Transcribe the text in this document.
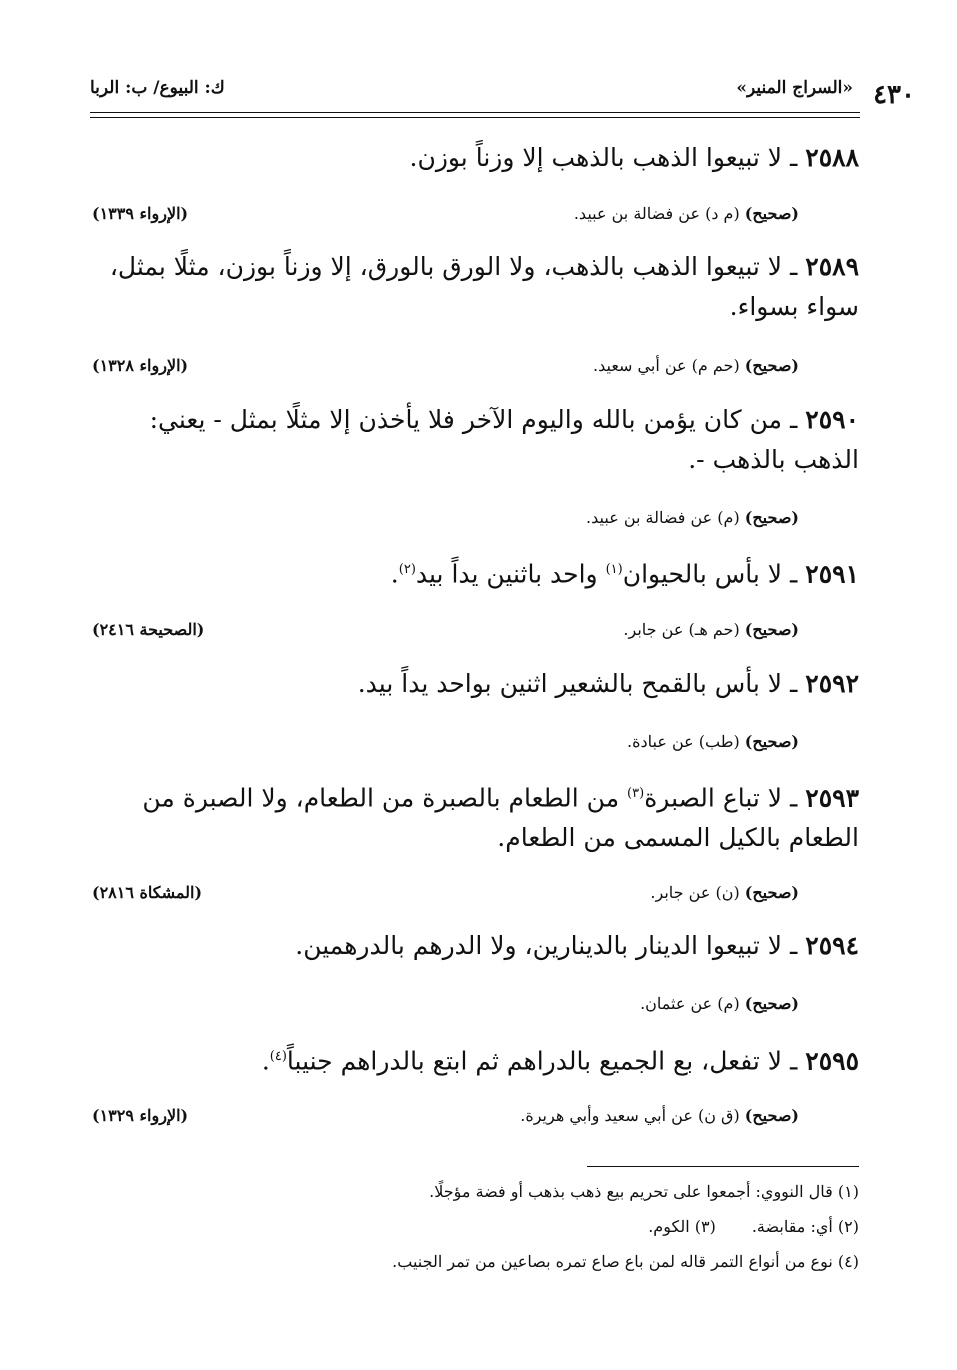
٤٣٠
«السراج المنير»
ك: البيوع/ ب: الربا
٢٥٨٨ ـ لا تبيعوا الذهب بالذهب إلا وزناً بوزن.
(صحيح) (م د) عن فضالة بن عبيد.
(الإرواء ١٣٣٩)
٢٥٨٩ ـ لا تبيعوا الذهب بالذهب، ولا الورق بالورق، إلا وزناً بوزن، مثلًا بمثل، سواء بسواء.
(صحيح) (حم م) عن أبي سعيد.
(الإرواء ١٣٢٨)
٢٥٩٠ ـ من كان يؤمن بالله واليوم الآخر فلا يأخذن إلا مثلًا بمثل - يعني: الذهب بالذهب -.
(صحيح) (م) عن فضالة بن عبيد.
٢٥٩١ ـ لا بأس بالحيوان$^{(١)}$ واحد باثنين يداً بيد$^{(٢)}$.
(صحيح) (حم هـ) عن جابر.
(الصحيحة ٢٤١٦)
٢٥٩٢ ـ لا بأس بالقمح بالشعير اثنين بواحد يداً بيد.
(صحيح) (طب) عن عبادة.
٢٥٩٣ ـ لا تباع الصبرة$^{(٣)}$ من الطعام بالصبرة من الطعام، ولا الصبرة من الطعام بالكيل المسمى من الطعام.
(صحيح) (ن) عن جابر.
(المشكاة ٢٨١٦)
٢٥٩٤ ـ لا تبيعوا الدينار بالدينارين، ولا الدرهم بالدرهمين.
(صحيح) (م) عن عثمان.
٢٥٩٥ ـ لا تفعل، بع الجميع بالدراهم ثم ابتع بالدراهم جنيباً$^{(٤)}$.
(صحيح) (ق ن) عن أبي سعيد وأبي هريرة.
(الإرواء ١٣٢٩)
(١) قال النووي: أجمعوا على تحريم بيع ذهب بذهب أو فضة مؤجلًا.
(٢) أي: مقابضة.(٣) الكوم.
(٤) نوع من أنواع التمر قاله لمن باع صاع تمره بصاعين من تمر الجنيب.
